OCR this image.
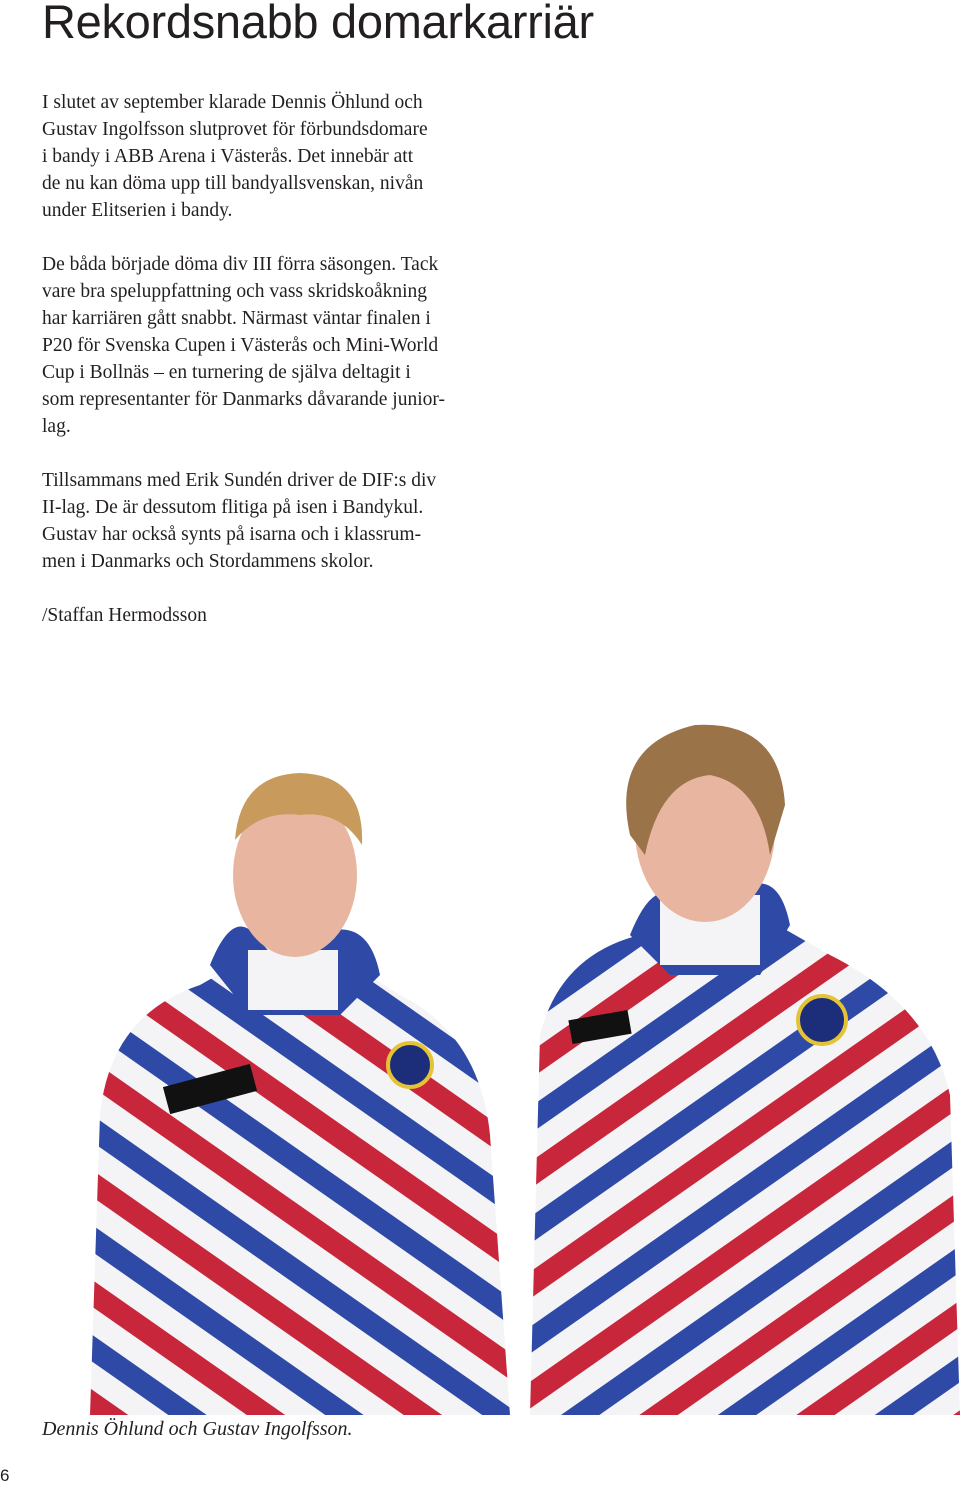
Rekordsnabb domarkarriär

I slutet av september klarade Dennis Öhlund och
Gustav Ingolfsson slutprovet för förbundsdomare
i bandy i ABB Arena i Västerås. Det innebär att
de nu kan döma upp till bandyallsvenskan, nivån
under Elitserien i bandy.

De båda började döma div III förra säsongen. Tack
vare bra speluppfattning och vass skridskoåkning
har karriären gått snabbt. Närmast väntar finalen i
P20 för Svenska Cupen i Västerås och Mini-World
Cup i Bollnäs – en turnering de själva deltagit i
som representanter för Danmarks dåvarande junior-
lag.

Tillsammans med Erik Sundén driver de DIF:s div
II-lag. De är dessutom flitiga på isen i Bandykul.
Gustav har också synts på isarna och i klassrum-
men i Danmarks och Stordammens skolor.

/Staffan Hermodsson

Dennis Öhlund och Gustav Ingolfsson.

6
